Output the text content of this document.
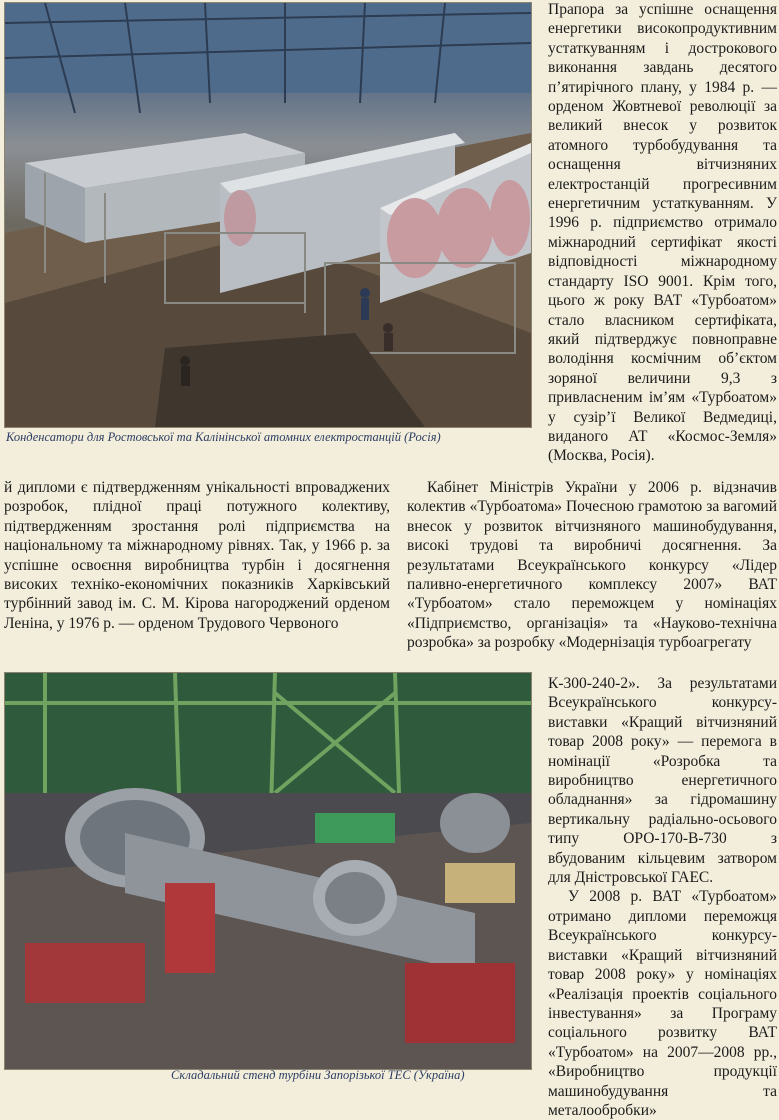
Конденсатори для Ростовської та Калінінської атомних електростанцій (Росія)

Прапора за успішне оснащення енергетики високопродуктивним устаткуванням і дострокового виконання завдань десятого п’ятирічного плану, у 1984 р. — орденом Жовтневої революції за великий внесок у розвиток атомного турбобудування та оснащення вітчизняних електростанцій прогресивним енергетичним устаткуванням. У 1996 р. підприємство отримало міжнародний сертифікат якості відповідності міжнародному стандарту ISO 9001. Крім того, цього ж року ВАТ «Турбоатом» стало власником сертифіката, який підтверджує повноправне володіння космічним об’єктом зоряної величини 9,3 з привласненим ім’ям «Турбоатом» у сузір’ї Великої Ведмедиці, виданого АТ «Космос-Земля» (Москва, Росія).

й дипломи є підтвердженням унікальності впроваджених розробок, плідної праці потужного колективу, підтвердженням зростання ролі підприємства на національному та міжнародному рівнях. Так, у 1966 р. за успішне освоєння виробництва турбін і досягнення високих техніко-економічних показників Харківський турбінний завод ім. С. М. Кірова нагороджений орденом Леніна, у 1976 р. — орденом Трудового Червоного

Кабінет Міністрів України у 2006 р. відзначив колектив «Турбоатома» Почесною грамотою за вагомий внесок у розвиток вітчизняного машинобудування, високі трудові та виробничі досягнення. За результатами Всеукраїнського конкурсу «Лідер паливно-енергетичного комплексу 2007» ВАТ «Турбоатом» стало переможцем у номінаціях «Підприємство, організація» та «Науково-технічна розробка» за розробку «Модернізація турбоагрегату

Складальний стенд турбіни Запорізької ТЕС (Україна)

К-300-240-2». За результатами Всеукраїнського конкурсу-виставки «Кращий вітчизняний товар 2008 року» — перемога в номінації «Розробка та виробництво енергетичного обладнання» за гідромашину вертикальну радіально-осьового типу ОРО-170-В-730 з вбудованим кільцевим затвором для Дністровської ГАЕС.

У 2008 р. ВАТ «Турбоатом» отримано дипломи переможця Всеукраїнського конкурсу-виставки «Кращий вітчизняний товар 2008 року» у номінаціях «Реалізація проектів соціального інвестування» за Програму соціального розвитку ВАТ «Турбоатом» на 2007—2008 рр., «Виробництво продукції машинобудування та металообробки»
